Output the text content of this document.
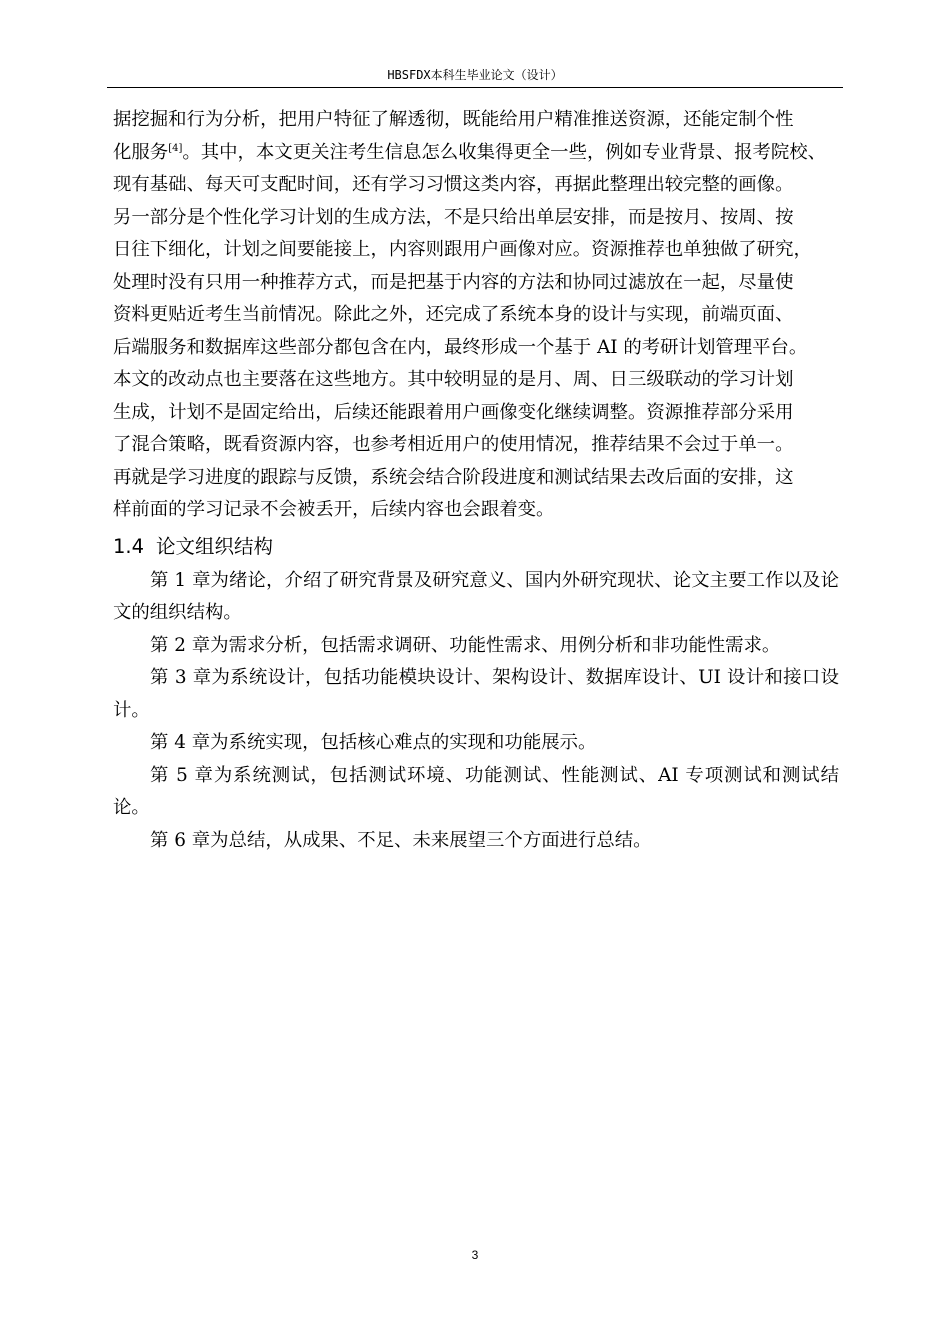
HBSFDX本科生毕业论文（设计）

据挖掘和行为分析，把用户特征了解透彻，既能给用户精准推送资源，还能定制个性

化服务[4]。其中，本文更关注考生信息怎么收集得更全一些，例如专业背景、报考院校、

现有基础、每天可支配时间，还有学习习惯这类内容，再据此整理出较完整的画像。

另一部分是个性化学习计划的生成方法，不是只给出单层安排，而是按月、按周、按

日往下细化，计划之间要能接上，内容则跟用户画像对应。资源推荐也单独做了研究，

处理时没有只用一种推荐方式，而是把基于内容的方法和协同过滤放在一起，尽量使

资料更贴近考生当前情况。除此之外，还完成了系统本身的设计与实现，前端页面、

后端服务和数据库这些部分都包含在内，最终形成一个基于 AI 的考研计划管理平台。

本文的改动点也主要落在这些地方。其中较明显的是月、周、日三级联动的学习计划

生成，计划不是固定给出，后续还能跟着用户画像变化继续调整。资源推荐部分采用

了混合策略，既看资源内容，也参考相近用户的使用情况，推荐结果不会过于单一。

再就是学习进度的跟踪与反馈，系统会结合阶段进度和测试结果去改后面的安排，这

样前面的学习记录不会被丢开，后续内容也会跟着变。

1.4 论文组织结构

第 1 章为绪论，介绍了研究背景及研究意义、国内外研究现状、论文主要工作以及论文的组织结构。

第 2 章为需求分析，包括需求调研、功能性需求、用例分析和非功能性需求。

第 3 章为系统设计，包括功能模块设计、架构设计、数据库设计、UI 设计和接口设计。

第 4 章为系统实现，包括核心难点的实现和功能展示。

第 5 章为系统测试，包括测试环境、功能测试、性能测试、AI 专项测试和测试结论。

第 6 章为总结，从成果、不足、未来展望三个方面进行总结。

3
